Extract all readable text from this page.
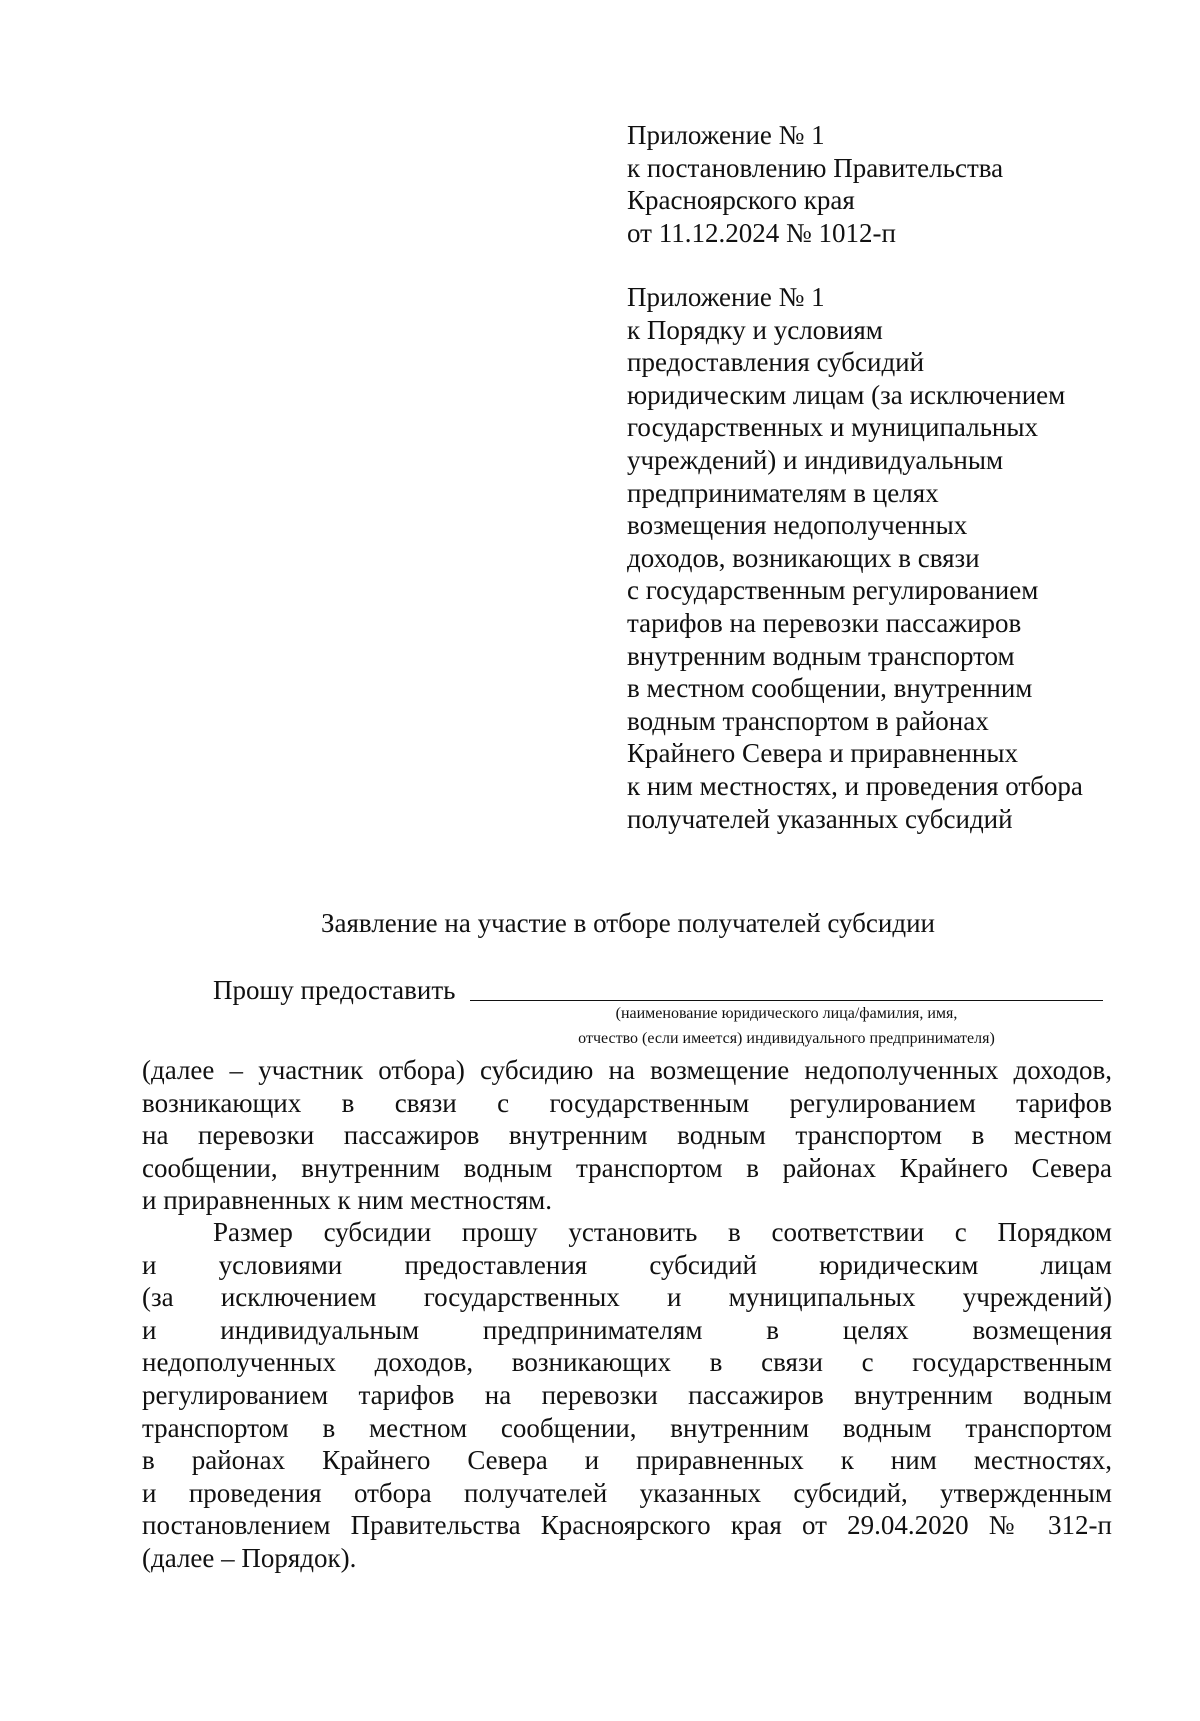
Приложение № 1
к постановлению Правительства
Красноярского края
от 11.12.2024 № 1012-п
Приложение № 1
к Порядку и условиям
предоставления субсидий
юридическим лицам (за исключением
государственных и муниципальных
учреждений) и индивидуальным
предпринимателям в целях
возмещения недополученных
доходов, возникающих в связи
с государственным регулированием
тарифов на перевозки пассажиров
внутренним водным транспортом
в местном сообщении, внутренним
водным транспортом в районах
Крайнего Севера и приравненных
к ним местностях, и проведения отбора
получателей указанных субсидий
Заявление на участие в отборе получателей субсидии
Прошу предоставить
(наименование юридического лица/фамилия, имя,
отчество (если имеется) индивидуального предпринимателя)
(далее – участник отбора) субсидию на возмещение недополученных доходов,
возникающих в связи с государственным регулированием тарифов
на перевозки пассажиров внутренним водным транспортом в местном
сообщении, внутренним водным транспортом в районах Крайнего Севера
и приравненных к ним местностям.
Размер субсидии прошу установить в соответствии с Порядком
и условиями предоставления субсидий юридическим лицам
(за исключением государственных и муниципальных учреждений)
и индивидуальным предпринимателям в целях возмещения
недополученных доходов, возникающих в связи с государственным
регулированием тарифов на перевозки пассажиров внутренним водным
транспортом в местном сообщении, внутренним водным транспортом
в районах Крайнего Севера и приравненных к ним местностях,
и проведения отбора получателей указанных субсидий, утвержденным
постановлением Правительства Красноярского края от 29.04.2020 № 312-п
(далее – Порядок).
